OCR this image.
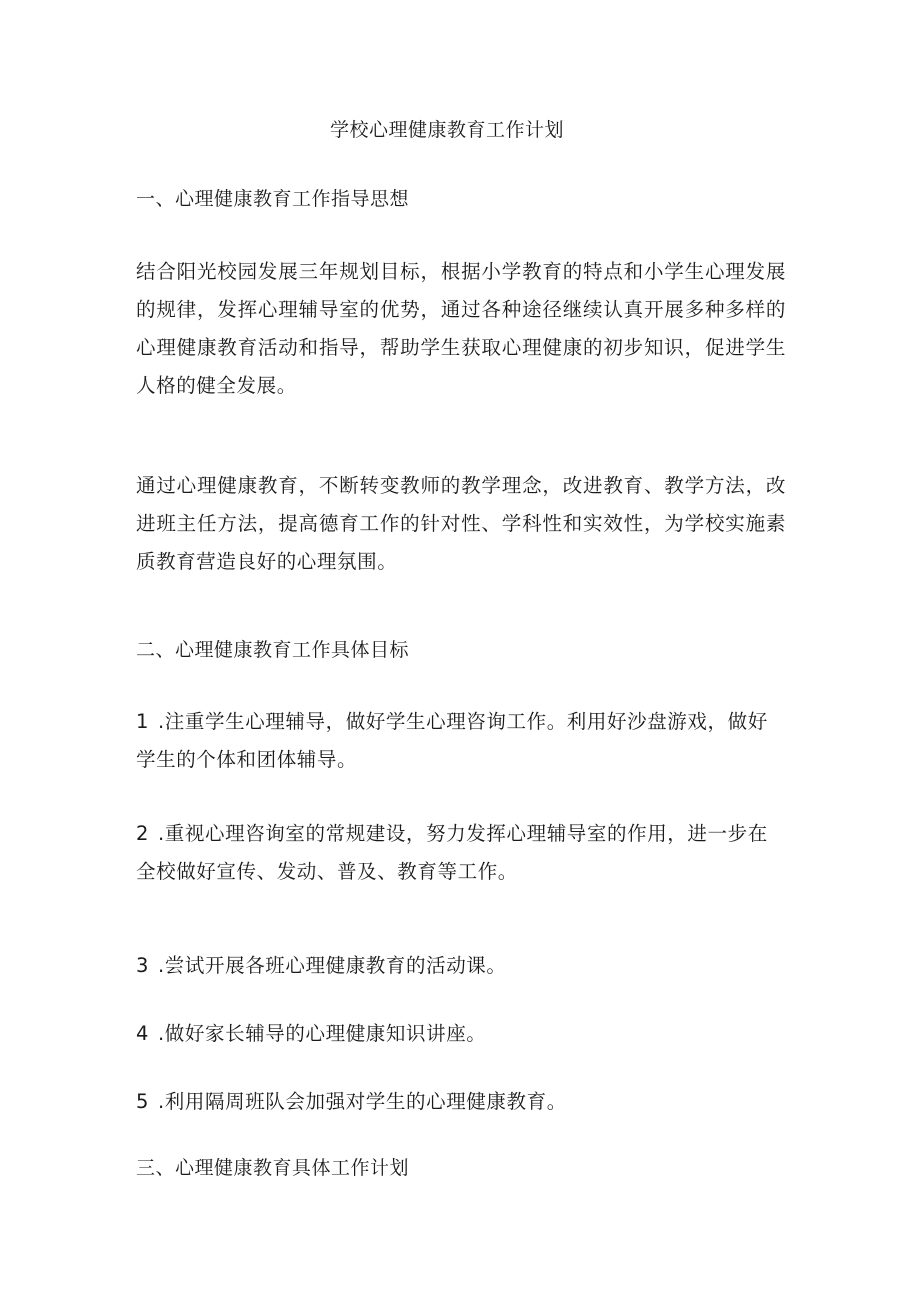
学校心理健康教育工作计划

一、心理健康教育工作指导思想

结合阳光校园发展三年规划目标，根据小学教育的特点和小学生心理发展的规律，发挥心理辅导室的优势，通过各种途径继续认真开展多种多样的心理健康教育活动和指导，帮助学生获取心理健康的初步知识，促进学生人格的健全发展。

通过心理健康教育，不断转变教师的教学理念，改进教育、教学方法，改进班主任方法，提高德育工作的针对性、学科性和实效性，为学校实施素质教育营造良好的心理氛围。

二、心理健康教育工作具体目标

1 .注重学生心理辅导，做好学生心理咨询工作。利用好沙盘游戏，做好学生的个体和团体辅导。
2 .重视心理咨询室的常规建设，努力发挥心理辅导室的作用，进一步在全校做好宣传、发动、普及、教育等工作。
3 .尝试开展各班心理健康教育的活动课。
4 .做好家长辅导的心理健康知识讲座。
5 .利用隔周班队会加强对学生的心理健康教育。

三、心理健康教育具体工作计划
